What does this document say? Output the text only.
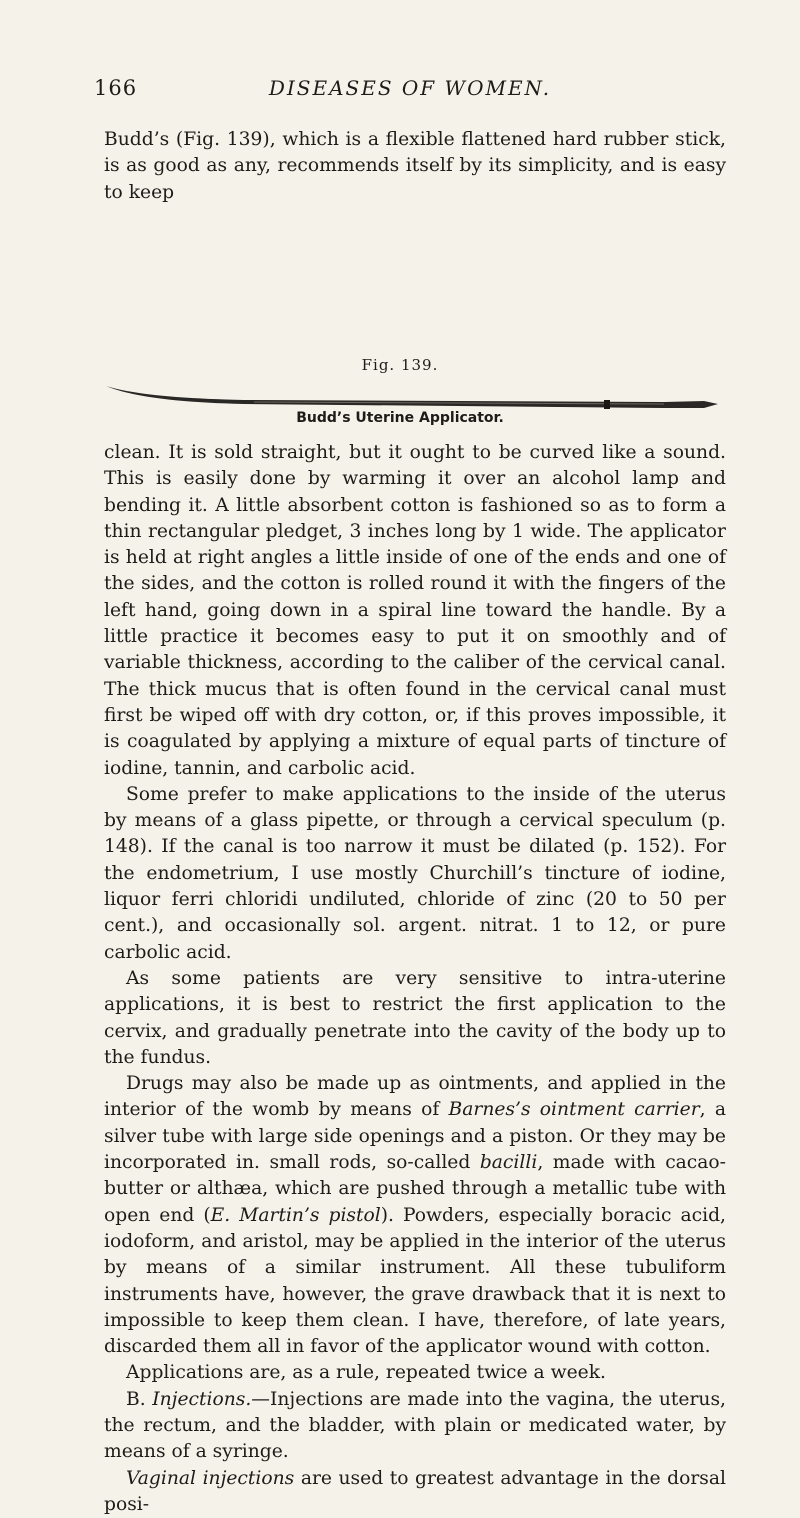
166	DISEASES OF WOMEN.

Budd’s (Fig. 139), which is a flexible flattened hard rubber stick, is as good as any, recommends itself by its simplicity, and is easy to keep

Fig. 139.
Budd’s Uterine Applicator.

clean. It is sold straight, but it ought to be curved like a sound. This is easily done by warming it over an alcohol lamp and bending it. A little absorbent cotton is fashioned so as to form a thin rectangular pledget, 3 inches long by 1 wide. The applicator is held at right angles a little inside of one of the ends and one of the sides, and the cotton is rolled round it with the fingers of the left hand, going down in a spiral line toward the handle. By a little practice it becomes easy to put it on smoothly and of variable thickness, according to the caliber of the cervical canal. The thick mucus that is often found in the cervical canal must first be wiped off with dry cotton, or, if this proves impossible, it is coagulated by applying a mixture of equal parts of tincture of iodine, tannin, and carbolic acid.

Some prefer to make applications to the inside of the uterus by means of a glass pipette, or through a cervical speculum (p. 148). If the canal is too narrow it must be dilated (p. 152). For the endometrium, I use mostly Churchill’s tincture of iodine, liquor ferri chloridi undiluted, chloride of zinc (20 to 50 per cent.), and occasionally sol. argent. nitrat. 1 to 12, or pure carbolic acid.

As some patients are very sensitive to intra-uterine applications, it is best to restrict the first application to the cervix, and gradually penetrate into the cavity of the body up to the fundus.

Drugs may also be made up as ointments, and applied in the interior of the womb by means of Barnes’s ointment carrier, a silver tube with large side openings and a piston. Or they may be incorporated in. small rods, so-called bacilli, made with cacao-butter or althæa, which are pushed through a metallic tube with open end (E. Martin’s pistol). Powders, especially boracic acid, iodoform, and aristol, may be applied in the interior of the uterus by means of a similar instrument. All these tubuliform instruments have, however, the grave drawback that it is next to impossible to keep them clean. I have, therefore, of late years, discarded them all in favor of the applicator wound with cotton.

Applications are, as a rule, repeated twice a week.

B. Injections.—Injections are made into the vagina, the uterus, the rectum, and the bladder, with plain or medicated water, by means of a syringe.

Vaginal injections are used to greatest advantage in the dorsal posi-
